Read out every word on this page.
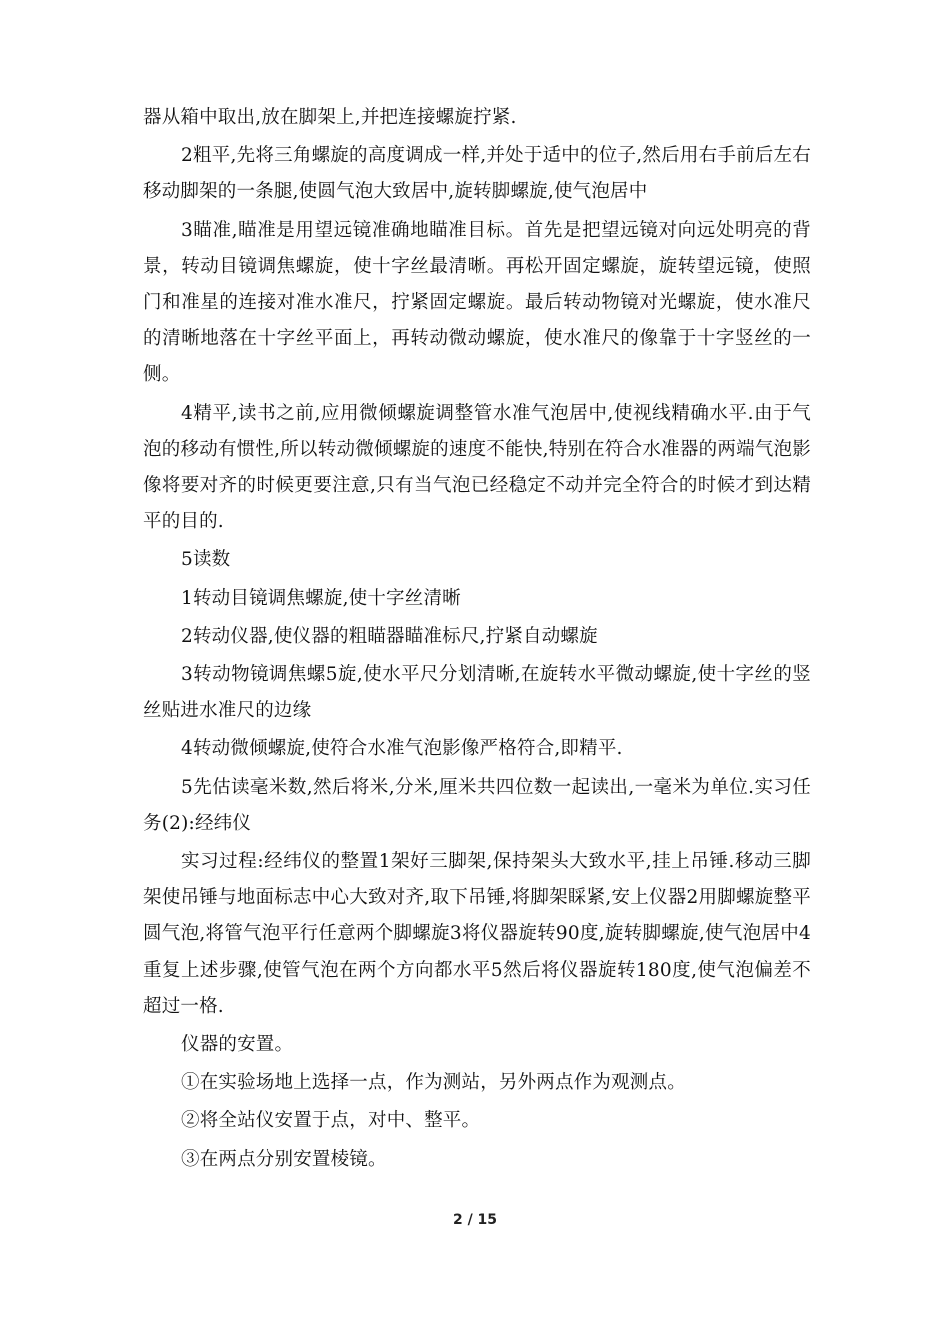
器从箱中取出,放在脚架上,并把连接螺旋拧紧.

2粗平,先将三角螺旋的高度调成一样,并处于适中的位子,然后用右手前后左右移动脚架的一条腿,使圆气泡大致居中,旋转脚螺旋,使气泡居中

3瞄准,瞄准是用望远镜准确地瞄准目标。首先是把望远镜对向远处明亮的背景，转动目镜调焦螺旋，使十字丝最清晰。再松开固定螺旋，旋转望远镜，使照门和准星的连接对准水准尺，拧紧固定螺旋。最后转动物镜对光螺旋，使水准尺的清晰地落在十字丝平面上，再转动微动螺旋，使水准尺的像靠于十字竖丝的一侧。

4精平,读书之前,应用微倾螺旋调整管水准气泡居中,使视线精确水平.由于气泡的移动有惯性,所以转动微倾螺旋的速度不能快,特别在符合水准器的两端气泡影像将要对齐的时候更要注意,只有当气泡已经稳定不动并完全符合的时候才到达精平的目的.

5读数

1转动目镜调焦螺旋,使十字丝清晰

2转动仪器,使仪器的粗瞄器瞄准标尺,拧紧自动螺旋

3转动物镜调焦螺5旋,使水平尺分划清晰,在旋转水平微动螺旋,使十字丝的竖丝贴进水准尺的边缘

4转动微倾螺旋,使符合水准气泡影像严格符合,即精平.

5先估读毫米数,然后将米,分米,厘米共四位数一起读出,一毫米为单位.实习任务(2):经纬仪

实习过程:经纬仪的整置1架好三脚架,保持架头大致水平,挂上吊锤.移动三脚架使吊锤与地面标志中心大致对齐,取下吊锤,将脚架睬紧,安上仪器2用脚螺旋整平圆气泡,将管气泡平行任意两个脚螺旋3将仪器旋转90度,旋转脚螺旋,使气泡居中4重复上述步骤,使管气泡在两个方向都水平5然后将仪器旋转180度,使气泡偏差不超过一格.

仪器的安置。

①在实验场地上选择一点，作为测站，另外两点作为观测点。

②将全站仪安置于点，对中、整平。

③在两点分别安置棱镜。

2 / 15
